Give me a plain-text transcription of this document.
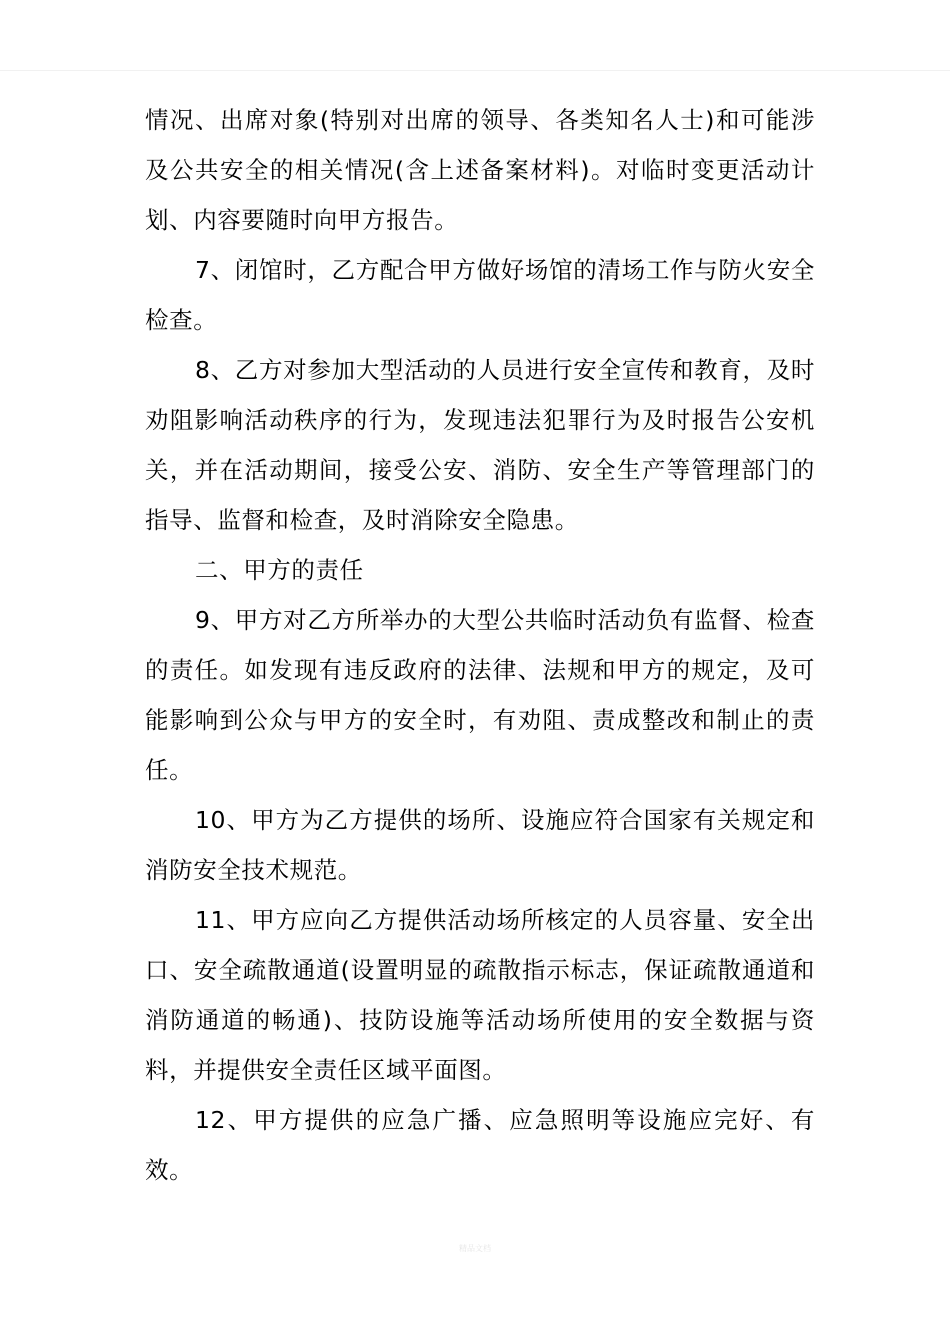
情况、出席对象(特别对出席的领导、各类知名人士)和可能涉及公共安全的相关情况(含上述备案材料)。对临时变更活动计划、内容要随时向甲方报告。

7、闭馆时，乙方配合甲方做好场馆的清场工作与防火安全检查。

8、乙方对参加大型活动的人员进行安全宣传和教育，及时劝阻影响活动秩序的行为，发现违法犯罪行为及时报告公安机关，并在活动期间，接受公安、消防、安全生产等管理部门的指导、监督和检查，及时消除安全隐患。

二、甲方的责任

9、甲方对乙方所举办的大型公共临时活动负有监督、检查的责任。如发现有违反政府的法律、法规和甲方的规定，及可能影响到公众与甲方的安全时，有劝阻、责成整改和制止的责任。

10、甲方为乙方提供的场所、设施应符合国家有关规定和消防安全技术规范。

11、甲方应向乙方提供活动场所核定的人员容量、安全出口、安全疏散通道(设置明显的疏散指示标志，保证疏散通道和消防通道的畅通)、技防设施等活动场所使用的安全数据与资料，并提供安全责任区域平面图。

12、甲方提供的应急广播、应急照明等设施应完好、有效。

精品文档
